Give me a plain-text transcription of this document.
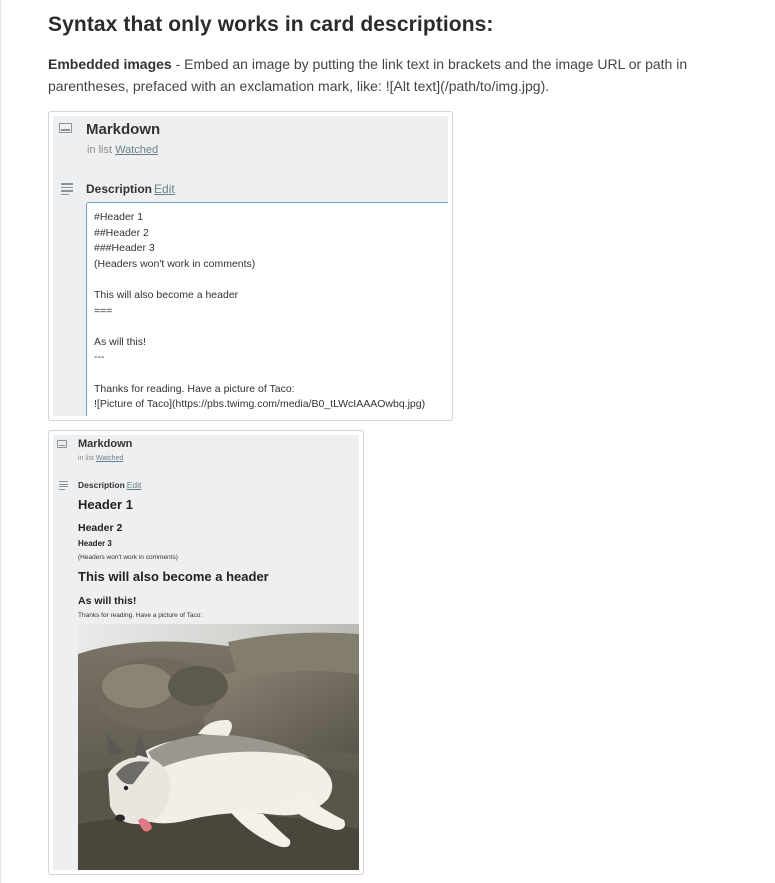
Syntax that only works in card descriptions:

Embedded images - Embed an image by putting the link text in brackets and the image URL or path in parentheses, prefaced with an exclamation mark, like: ![Alt text](/path/to/img.jpg).

Markdown
in list Watched
Description Edit
#Header 1
##Header 2
###Header 3
(Headers won't work in comments)
This will also become a header
===
As will this!
---
Thanks for reading. Have a picture of Taco:
![Picture of Taco](https://pbs.twimg.com/media/B0_tLWcIAAAOwbq.jpg)
Markdown
in list Watched
Description Edit
Header 1
Header 2
Header 3
(Headers won't work in comments)
This will also become a header
As will this!
Thanks for reading. Have a picture of Taco:
